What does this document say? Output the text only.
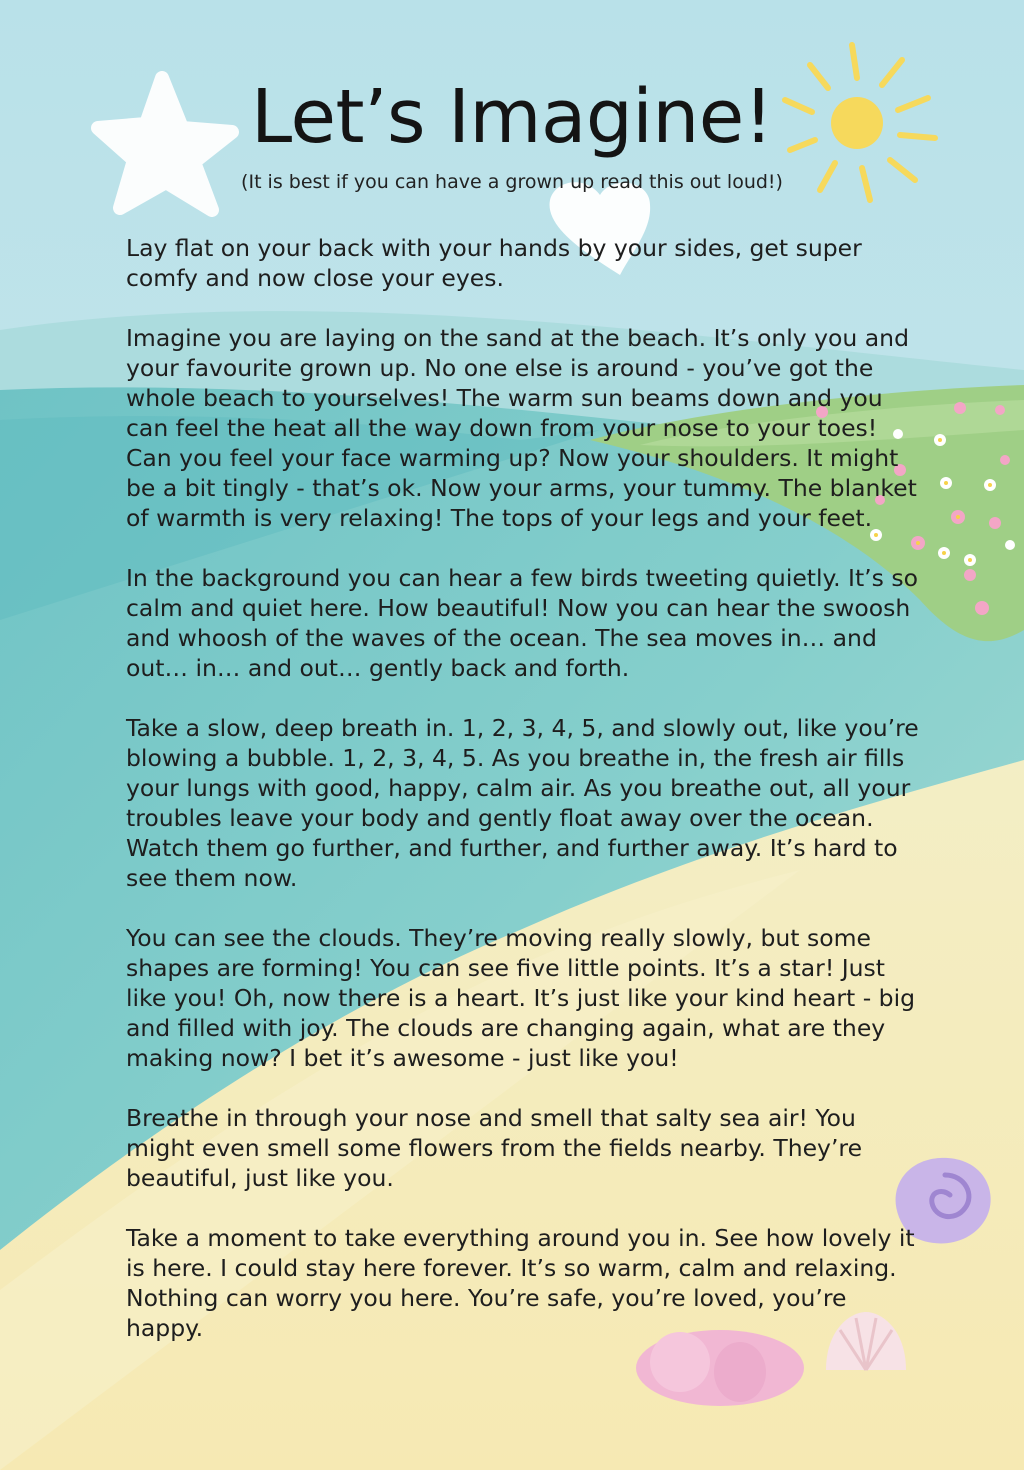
Let’s Imagine!

(It is best if you can have a grown up read this out loud!)

Lay flat on your back with your hands by your sides, get super
comfy and now close your eyes.

Imagine you are laying on the sand at the beach. It’s only you and
your favourite grown up. No one else is around - you’ve got the
whole beach to yourselves! The warm sun beams down and you
can feel the heat all the way down from your nose to your toes!
Can you feel your face warming up? Now your shoulders. It might
be a bit tingly - that’s ok. Now your arms, your tummy. The blanket
of warmth is very relaxing! The tops of your legs and your feet.

In the background you can hear a few birds tweeting quietly. It’s so
calm and quiet here. How beautiful! Now you can hear the swoosh
and whoosh of the waves of the ocean. The sea moves in… and
out… in… and out… gently back and forth.

Take a slow, deep breath in. 1, 2, 3, 4, 5, and slowly out, like you’re
blowing a bubble. 1, 2, 3, 4, 5. As you breathe in, the fresh air fills
your lungs with good, happy, calm air. As you breathe out, all your
troubles leave your body and gently float away over the ocean.
Watch them go further, and further, and further away. It’s hard to
see them now.

You can see the clouds. They’re moving really slowly, but some
shapes are forming! You can see five little points. It’s a star! Just
like you! Oh, now there is a heart. It’s just like your kind heart - big
and filled with joy. The clouds are changing again, what are they
making now? I bet it’s awesome - just like you!

Breathe in through your nose and smell that salty sea air! You
might even smell some flowers from the fields nearby. They’re
beautiful, just like you.

Take a moment to take everything around you in. See how lovely it
is here. I could stay here forever. It’s so warm, calm and relaxing.
Nothing can worry you here. You’re safe, you’re loved, you’re
happy.
